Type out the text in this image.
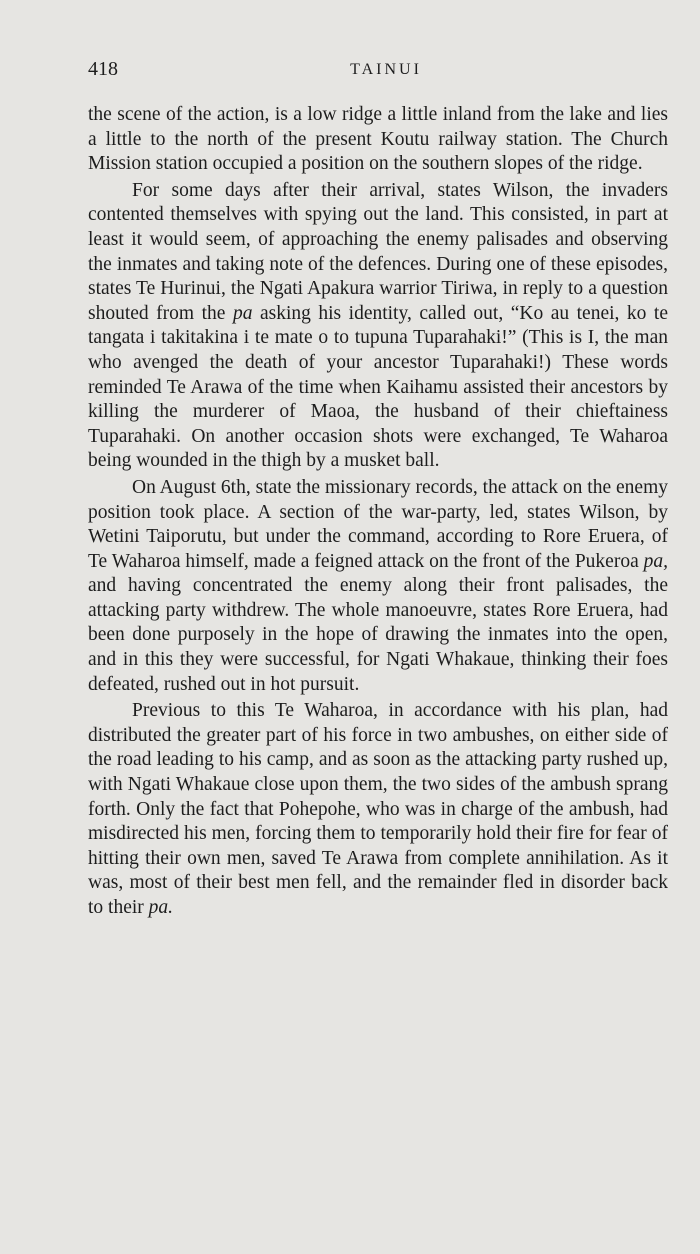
418	TAINUI

the scene of the action, is a low ridge a little inland from the lake and lies a little to the north of the present Koutu railway station. The Church Mission station occupied a position on the southern slopes of the ridge.

For some days after their arrival, states Wilson, the invaders contented themselves with spying out the land. This consisted, in part at least it would seem, of approaching the enemy palisades and observing the inmates and taking note of the defences. During one of these episodes, states Te Hurinui, the Ngati Apakura warrior Tiriwa, in reply to a question shouted from the pa asking his identity, called out, “Ko au tenei, ko te tangata i takitakina i te mate o to tupuna Tuparahaki!” (This is I, the man who avenged the death of your ancestor Tuparahaki!) These words reminded Te Arawa of the time when Kaihamu assisted their ancestors by killing the murderer of Maoa, the husband of their chieftainess Tuparahaki. On another occasion shots were exchanged, Te Waharoa being wounded in the thigh by a musket ball.

On August 6th, state the missionary records, the attack on the enemy position took place. A section of the war-party, led, states Wilson, by Wetini Taiporutu, but under the command, according to Rore Eruera, of Te Waharoa himself, made a feigned attack on the front of the Pukeroa pa, and having concentrated the enemy along their front palisades, the attacking party withdrew. The whole manoeuvre, states Rore Eruera, had been done purposely in the hope of drawing the inmates into the open, and in this they were successful, for Ngati Whakaue, thinking their foes defeated, rushed out in hot pursuit.

Previous to this Te Waharoa, in accordance with his plan, had distributed the greater part of his force in two ambushes, on either side of the road leading to his camp, and as soon as the attacking party rushed up, with Ngati Whakaue close upon them, the two sides of the ambush sprang forth. Only the fact that Pohepohe, who was in charge of the ambush, had misdirected his men, forcing them to temporarily hold their fire for fear of hitting their own men, saved Te Arawa from complete annihilation. As it was, most of their best men fell, and the remainder fled in disorder back to their pa.
